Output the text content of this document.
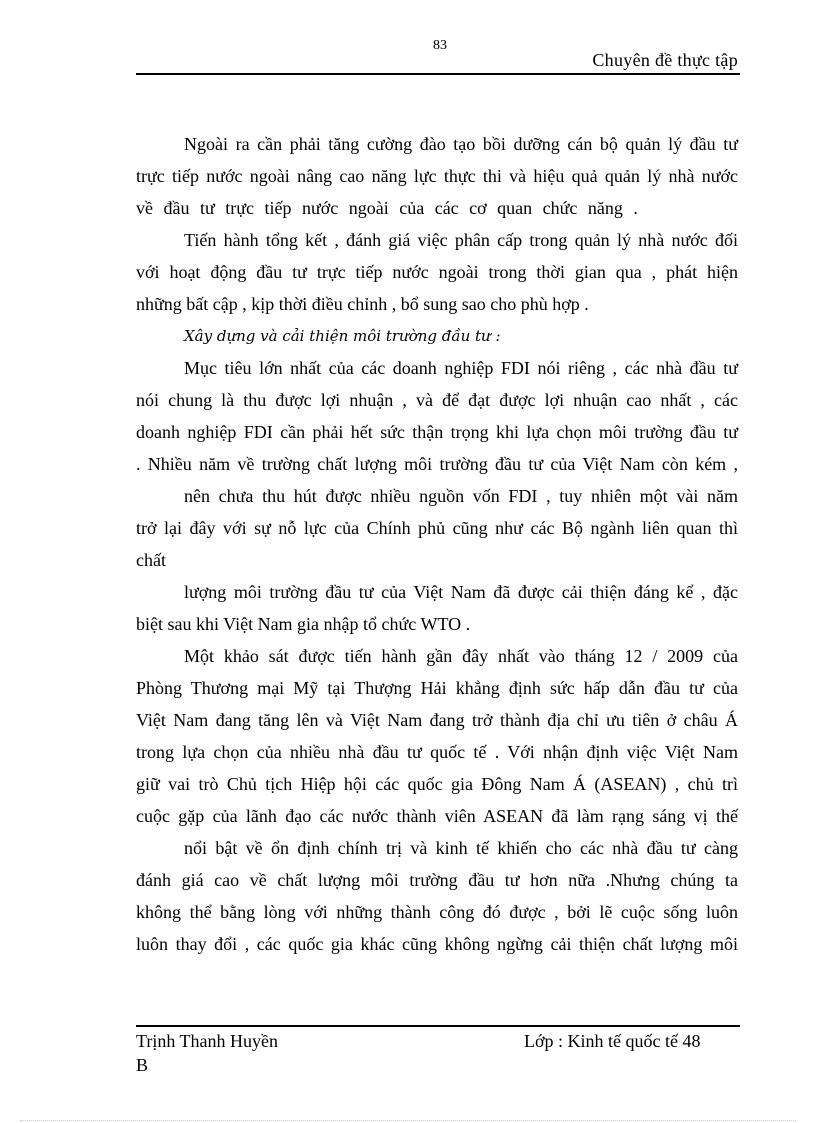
83
Chuyên đề thực tập
Ngoài ra cần phải tăng cường đào tạo bồi dưỡng cán bộ quản lý đầu tư
trực tiếp nước ngoài nâng cao năng lực thực thi và hiệu quả quản lý nhà nước
về đầu tư trực tiếp nước ngoài của các cơ quan chức năng .
Tiến hành tổng kết , đánh giá việc phân cấp trong quản lý nhà nước đối
với hoạt động đầu tư trực tiếp nước ngoài trong thời gian qua , phát hiện
những bất cập , kịp thời điều chỉnh , bổ sung sao cho phù hợp .
Xây dựng và cải thiện môi trường đầu tư :
Mục tiêu lớn nhất của các doanh nghiệp FDI nói riêng , các nhà đầu tư
nói chung là thu được lợi nhuận , và để đạt được lợi nhuận cao nhất , các
doanh nghiệp FDI cần phải hết sức thận trọng khi lựa chọn môi trường đầu tư
. Nhiều năm về trường chất lượng môi trường đầu tư của Việt Nam còn kém ,
nên chưa thu hút được nhiều nguồn vốn FDI , tuy nhiên một vài năm
trở lại đây với sự nỗ lực của Chính phủ cũng như các Bộ ngành liên quan thì
chất
lượng môi trường đầu tư của Việt Nam đã được cải thiện đáng kể , đặc
biệt sau khi Việt Nam gia nhập tổ chức WTO .
Một khảo sát được tiến hành gần đây nhất vào tháng 12 / 2009 của
Phòng Thương mại Mỹ tại Thượng Hải khẳng định sức hấp dẫn đầu tư của
Việt Nam đang tăng lên và Việt Nam đang trở thành địa chỉ ưu tiên ở châu Á
trong lựa chọn của nhiều nhà đầu tư quốc tế . Với nhận định việc Việt Nam
giữ vai trò Chủ tịch Hiệp hội các quốc gia Đông Nam Á (ASEAN) , chủ trì
cuộc gặp của lãnh đạo các nước thành viên ASEAN đã làm rạng sáng vị thế
nổi bật về ổn định chính trị và kinh tế khiến cho các nhà đầu tư càng
đánh giá cao về chất lượng môi trường đầu tư hơn nữa .Nhưng chúng ta
không thể bằng lòng với những thành công đó được , bởi lẽ cuộc sống luôn
luôn thay đổi , các quốc gia khác cũng không ngừng cải thiện chất lượng môi
Trịnh Thanh Huyền
B
Lớp : Kinh tế quốc tế 48
